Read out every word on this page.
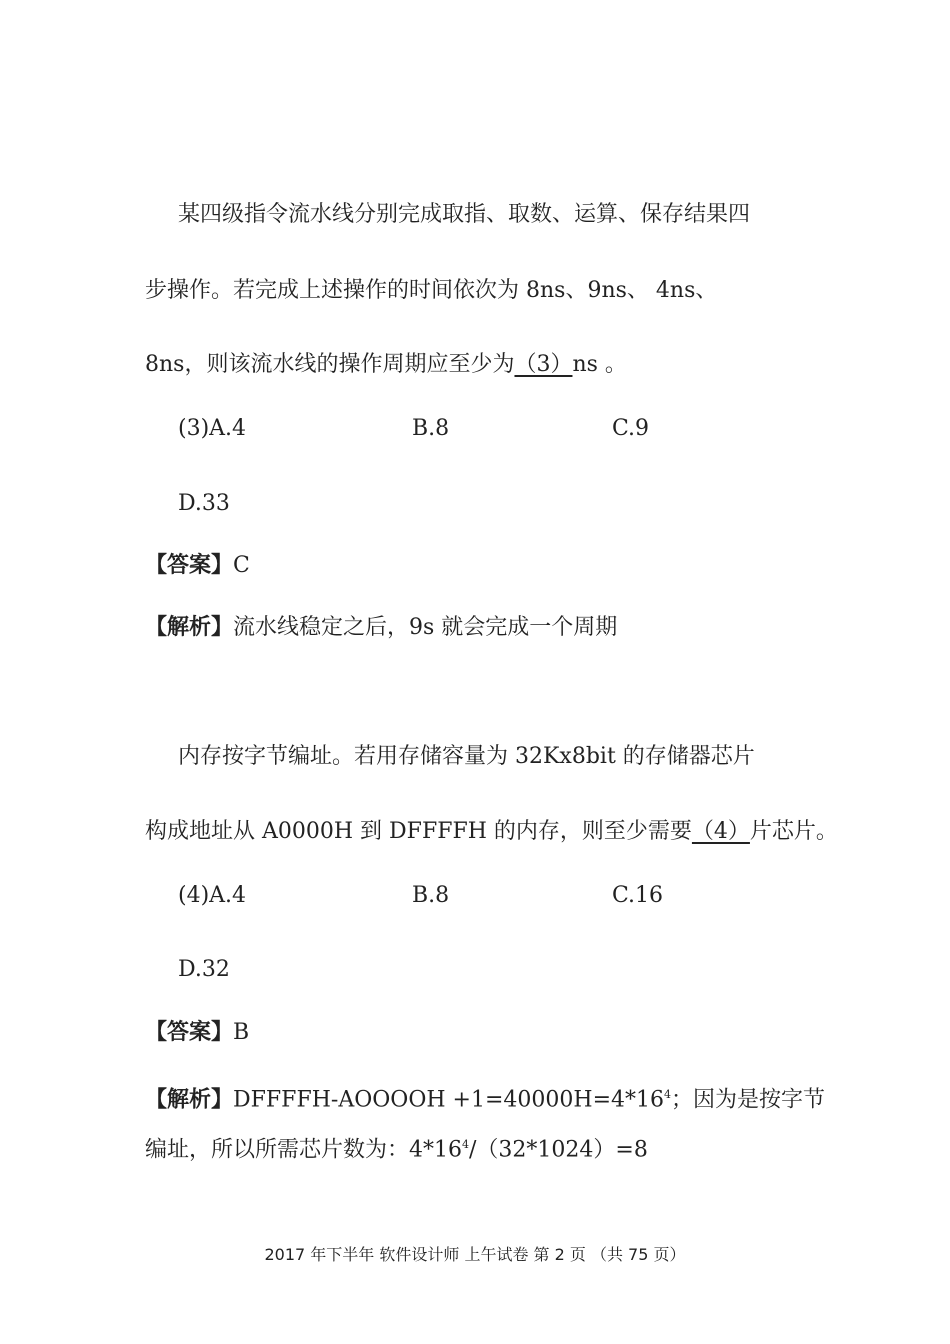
某四级指令流水线分别完成取指、取数、运算、保存结果四
步操作。若完成上述操作的时间依次为 8ns、9ns、 4ns、
8ns，则该流水线的操作周期应至少为（3）ns 。
(3)A.4	B.8	C.9
D.33
【答案】C
【解析】流水线稳定之后，9s 就会完成一个周期
内存按字节编址。若用存储容量为 32Kx8bit 的存储器芯片
构成地址从 A0000H 到 DFFFFH 的内存，则至少需要（4）片芯片。
(4)A.4	B.8	C.16
D.32
【答案】B
【解析】DFFFFH-AOOOOH $+1=40000H=4*16^4$；因为是按字节
编址，所以所需芯片数为：$4*16^4/(32*1024)=8$
2017 年下半年 软件设计师 上午试卷 第 2 页 （共 75 页）
